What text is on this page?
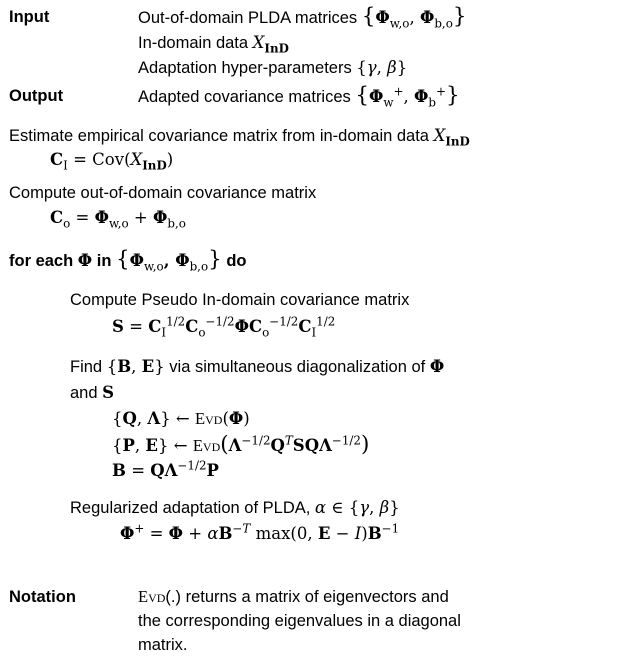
Input	Out-of-domain PLDA matrices {$\Phi_{w,o}$, $\Phi_{b,o}$}
In-domain data $X_{InD}$
Adaptation hyper-parameters {γ, β}
Output	Adapted covariance matrices {$\Phi_w^+$, $\Phi_b^+$}
Estimate empirical covariance matrix from in-domain data $X_{InD}$
$C_I = Cov(X_{InD})$
Compute out-of-domain covariance matrix
$C_o = \Phi_{w,o} + \Phi_{b,o}$
for each Φ in {$\Phi_{w,o}$, $\Phi_{b,o}$} do
Compute Pseudo In-domain covariance matrix
$S = C_I^{1/2}C_o^{-1/2}\Phi C_o^{-1/2}C_I^{1/2}$
Find {B, E} via simultaneous diagonalization of Φ
and S
{Q, Λ} ← Evd(Φ)
{P, E} ← $Evd(\Lambda^{-1/2}Q^TSQ\Lambda^{-1/2})$
$B = Q\Lambda^{-1/2}P$
Regularized adaptation of PLDA, α ∈ {γ, β}
$\Phi^+ = \Phi + \alpha B^{-T}$ max(0, $E - I)B^{-1}$
Notation	Evd(.) returns a matrix of eigenvectors and
the corresponding eigenvalues in a diagonal
matrix.
